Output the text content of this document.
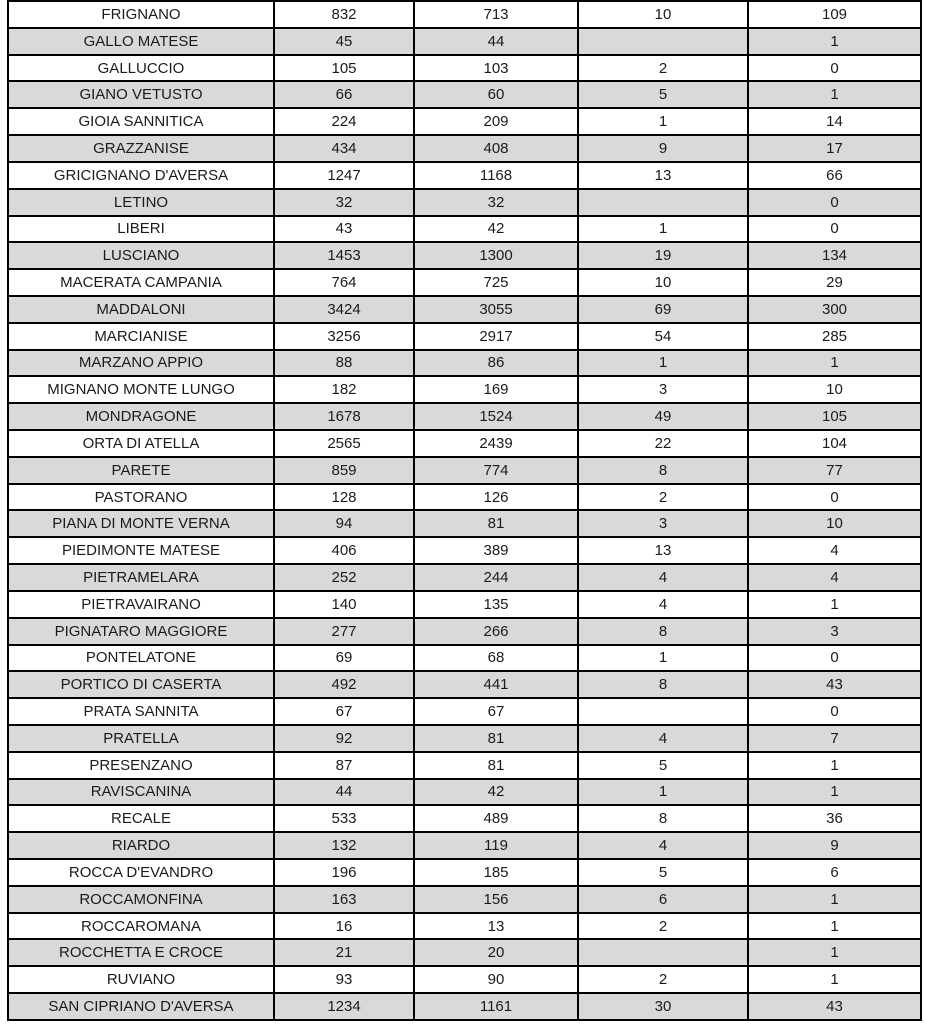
FRIGNANO	832	713	10	109
GALLO MATESE	45	44		1
GALLUCCIO	105	103	2	0
GIANO VETUSTO	66	60	5	1
GIOIA SANNITICA	224	209	1	14
GRAZZANISE	434	408	9	17
GRICIGNANO D'AVERSA	1247	1168	13	66
LETINO	32	32		0
LIBERI	43	42	1	0
LUSCIANO	1453	1300	19	134
MACERATA CAMPANIA	764	725	10	29
MADDALONI	3424	3055	69	300
MARCIANISE	3256	2917	54	285
MARZANO APPIO	88	86	1	1
MIGNANO MONTE LUNGO	182	169	3	10
MONDRAGONE	1678	1524	49	105
ORTA DI ATELLA	2565	2439	22	104
PARETE	859	774	8	77
PASTORANO	128	126	2	0
PIANA DI MONTE VERNA	94	81	3	10
PIEDIMONTE MATESE	406	389	13	4
PIETRAMELARA	252	244	4	4
PIETRAVAIRANO	140	135	4	1
PIGNATARO MAGGIORE	277	266	8	3
PONTELATONE	69	68	1	0
PORTICO DI CASERTA	492	441	8	43
PRATA SANNITA	67	67		0
PRATELLA	92	81	4	7
PRESENZANO	87	81	5	1
RAVISCANINA	44	42	1	1
RECALE	533	489	8	36
RIARDO	132	119	4	9
ROCCA D'EVANDRO	196	185	5	6
ROCCAMONFINA	163	156	6	1
ROCCAROMANA	16	13	2	1
ROCCHETTA E CROCE	21	20		1
RUVIANO	93	90	2	1
SAN CIPRIANO D'AVERSA	1234	1161	30	43
